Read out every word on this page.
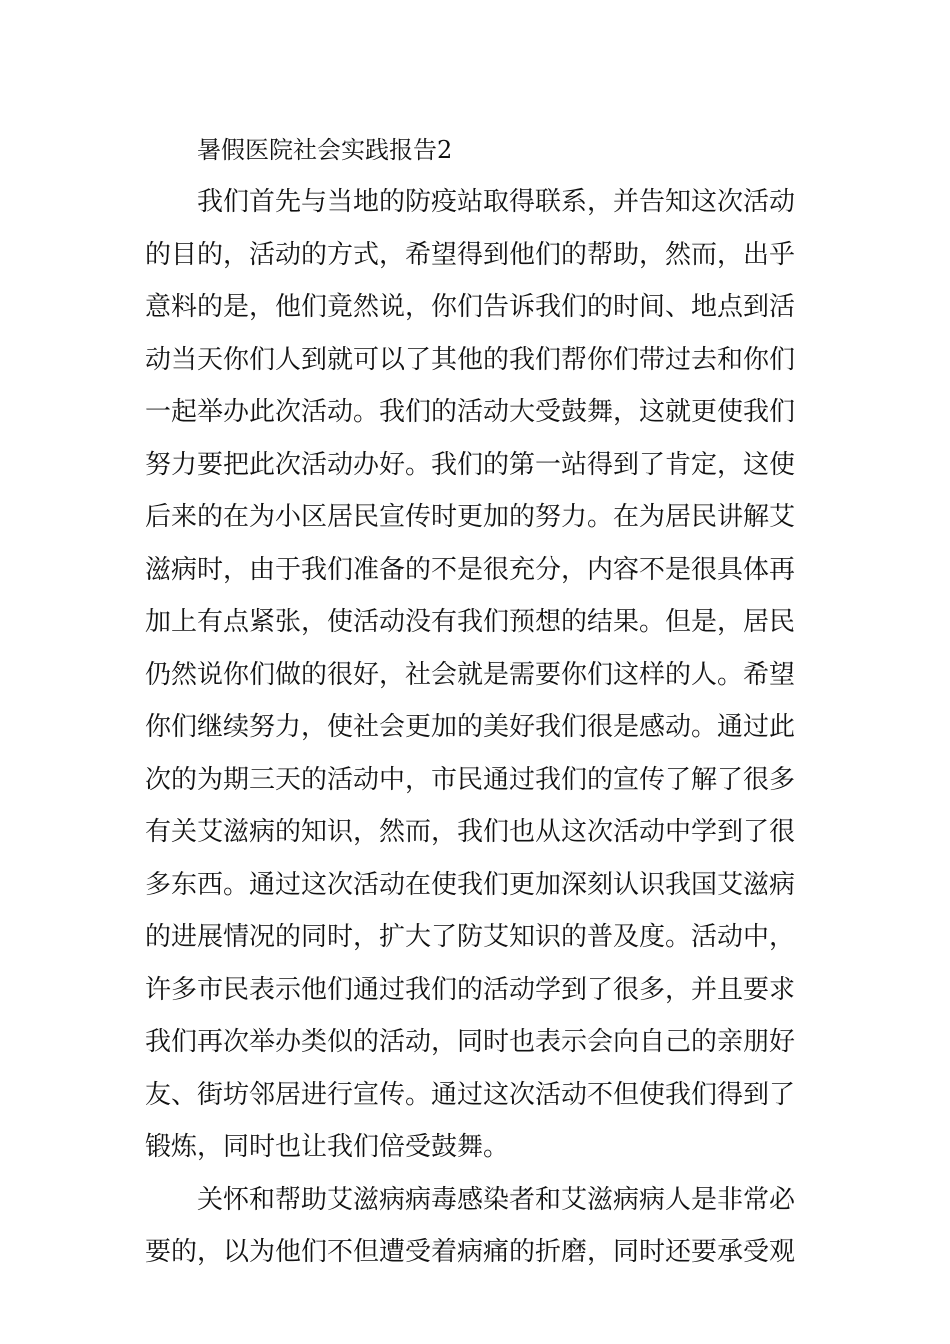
暑假医院社会实践报告2
我们首先与当地的防疫站取得联系，并告知这次活动
的目的，活动的方式，希望得到他们的帮助，然而，出乎
意料的是，他们竟然说，你们告诉我们的时间、地点到活
动当天你们人到就可以了其他的我们帮你们带过去和你们
一起举办此次活动。我们的活动大受鼓舞，这就更使我们
努力要把此次活动办好。我们的第一站得到了肯定，这使
后来的在为小区居民宣传时更加的努力。在为居民讲解艾
滋病时，由于我们准备的不是很充分，内容不是很具体再
加上有点紧张，使活动没有我们预想的结果。但是，居民
仍然说你们做的很好，社会就是需要你们这样的人。希望
你们继续努力，使社会更加的美好我们很是感动。通过此
次的为期三天的活动中，市民通过我们的宣传了解了很多
有关艾滋病的知识，然而，我们也从这次活动中学到了很
多东西。通过这次活动在使我们更加深刻认识我国艾滋病
的进展情况的同时，扩大了防艾知识的普及度。活动中，
许多市民表示他们通过我们的活动学到了很多，并且要求
我们再次举办类似的活动，同时也表示会向自己的亲朋好
友、街坊邻居进行宣传。通过这次活动不但使我们得到了
锻炼，同时也让我们倍受鼓舞。
关怀和帮助艾滋病病毒感染者和艾滋病病人是非常必
要的，以为他们不但遭受着病痛的折磨，同时还要承受观
